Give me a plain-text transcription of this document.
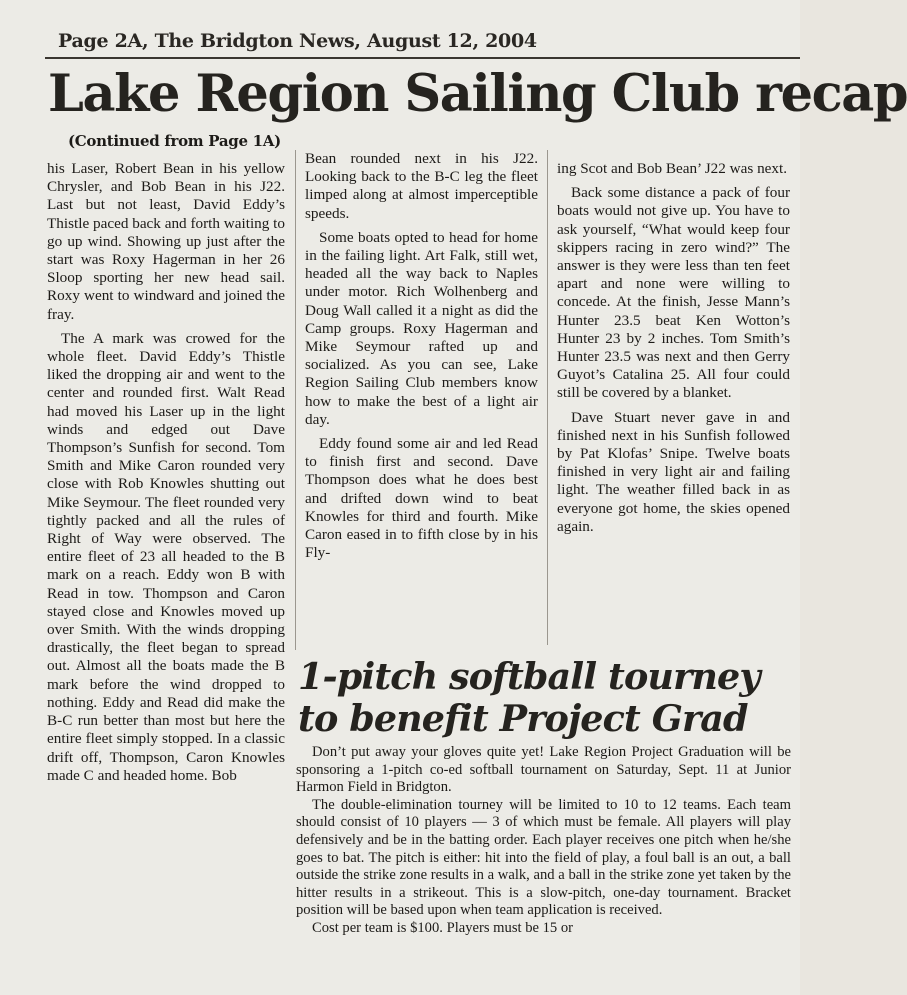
Page 2A, The Bridgton News, August 12, 2004
Lake Region Sailing Club recap
(Continued from Page 1A)

his Laser, Robert Bean in his yellow Chrysler, and Bob Bean in his J22. Last but not least, David Eddy’s Thistle paced back and forth waiting to go up wind. Showing up just after the start was Roxy Hagerman in her 26 Sloop sporting her new head sail. Roxy went to windward and joined the fray.

The A mark was crowed for the whole fleet. David Eddy’s Thistle liked the dropping air and went to the center and rounded first. Walt Read had moved his Laser up in the light winds and edged out Dave Thompson’s Sunfish for second. Tom Smith and Mike Caron rounded very close with Rob Knowles shutting out Mike Seymour. The fleet rounded very tightly packed and all the rules of Right of Way were observed. The entire fleet of 23 all headed to the B mark on a reach. Eddy won B with Read in tow. Thompson and Caron stayed close and Knowles moved up over Smith. With the winds dropping drastically, the fleet began to spread out. Almost all the boats made the B mark before the wind dropped to nothing. Eddy and Read did make the B-C run better than most but here the entire fleet simply stopped. In a classic drift off, Thompson, Caron Knowles made C and headed home. Bob

Bean rounded next in his J22. Looking back to the B-C leg the fleet limped along at almost imperceptible speeds.

Some boats opted to head for home in the failing light. Art Falk, still wet, headed all the way back to Naples under motor. Rich Wolhenberg and Doug Wall called it a night as did the Camp groups. Roxy Hagerman and Mike Seymour rafted up and socialized. As you can see, Lake Region Sailing Club members know how to make the best of a light air day.

Eddy found some air and led Read to finish first and second. Dave Thompson does what he does best and drifted down wind to beat Knowles for third and fourth. Mike Caron eased in to fifth close by in his Fly-

ing Scot and Bob Bean’ J22 was next.

Back some distance a pack of four boats would not give up. You have to ask yourself, “What would keep four skippers racing in zero wind?” The answer is they were less than ten feet apart and none were willing to concede. At the finish, Jesse Mann’s Hunter 23.5 beat Ken Wotton’s Hunter 23 by 2 inches. Tom Smith’s Hunter 23.5 was next and then Gerry Guyot’s Catalina 25. All four could still be covered by a blanket.

Dave Stuart never gave in and finished next in his Sunfish followed by Pat Klofas’ Snipe. Twelve boats finished in very light air and failing light. The weather filled back in as everyone got home, the skies opened again.

1-pitch softball tourney
to benefit Project Grad

Don’t put away your gloves quite yet! Lake Region Project Graduation will be sponsoring a 1-pitch co-ed softball tournament on Saturday, Sept. 11 at Junior Harmon Field in Bridgton.

The double-elimination tourney will be limited to 10 to 12 teams. Each team should consist of 10 players — 3 of which must be female. All players will play defensively and be in the batting order. Each player receives one pitch when he/she goes to bat. The pitch is either: hit into the field of play, a foul ball is an out, a ball outside the strike zone results in a walk, and a ball in the strike zone yet taken by the hitter results in a strikeout. This is a slow-pitch, one-day tournament. Bracket position will be based upon when team application is received.

Cost per team is $100. Players must be 15 or
